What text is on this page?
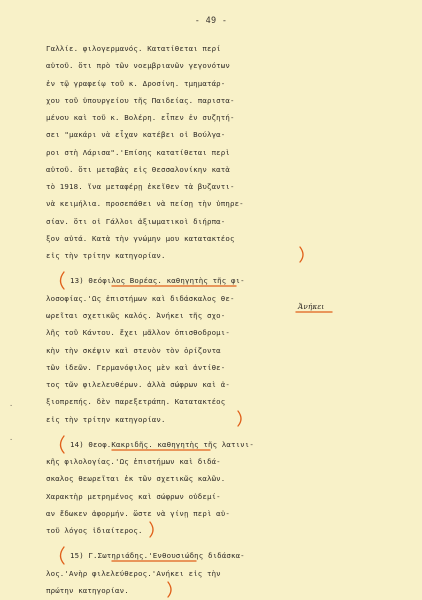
- 49 -
·
·
Γαλλίε. φιλογερμανός. Κατατίθεται περί
αὐτοῦ. ὅτι πρὸ τῶν νοεμβριανῶν γεγονότων
ἐν τῷ γραφείῳ τοῦ κ. Δροσίνη. τμηματάρ-
χου τοῦ ὑπουργείου τῆς Παιδείας. παριστα-
μένου καὶ τοῦ κ. Βολέρη. εἶπεν ἐν συζητή-
σει "μακάρι νὰ εἶχαν κατέβει οἱ Βούλγα-
ροι στὴ Λάρισα".'Επίσης κατατίθεται περὶ
αὐτοῦ. ὅτι μεταβὰς εἰς Θεσσαλονίκην κατὰ
τὸ 1918. ἵνα μεταφέρῃ ἐκεῖθεν τὰ βυζαντι-
νὰ κειμήλια. προσεπάθει νὰ πείσῃ τὴν ὑπηρε-
σίαν. ὅτι οἱ Γάλλοι ἀξιωματικοὶ διήρπα-
ξον αὐτά. Κατὰ τὴν γνώμην μου κατατακτέος
εἰς τὴν τρίτην κατηγορίαν.
13) Θεόφιλος Βορέας. καθηγητὴς τῆς φι-
λοσοφίας.'Ως ἐπιστήμων καὶ διδάσκαλος θε-
ωρεῖται σχετικῶς καλός. Ἀνήκει τῆς σχο-
λῆς τοῦ Κάντου. ἔχει μᾶλλον ὀπισθοδρομι-
κὴν τὴν σκέψιν καὶ στενὸν τὸν ὁρίζοντα
τῶν ἰδεῶν. Γερμανόφιλος μὲν καὶ ἀντίθε-
τος τῶν φιλελευθέρων. ἀλλὰ σώφρων καὶ ἀ-
ξιοπρεπής. δὲν παρεξετράπη. Κατατακτέος
εἰς τὴν τρίτην κατηγορίαν.
14) Θεοφ.Κακριδῆς. καθηγητὴς τῆς λατινι-
κῆς φιλολογίας.'Ως ἐπιστήμων καὶ διδά-
σκαλος θεωρεῖται ἐκ τῶν σχετικῶς καλῶν.
Χαρακτὴρ μετρημένος καὶ σώφρων οὐδεμί-
αν ἔδωκεν ἀφορμήν. ὥστε νὰ γίνῃ περὶ αὐ-
τοῦ λόγος ἰδιαίτερος.
15) Γ.Σωτηριάδης.'Ενθουσιώδης διδάσκα-
λος.'Ανὴρ φιλελεύθερος.'Ανήκει εἰς τὴν
πρώτην κατηγορίαν.
Ἀνήκει
